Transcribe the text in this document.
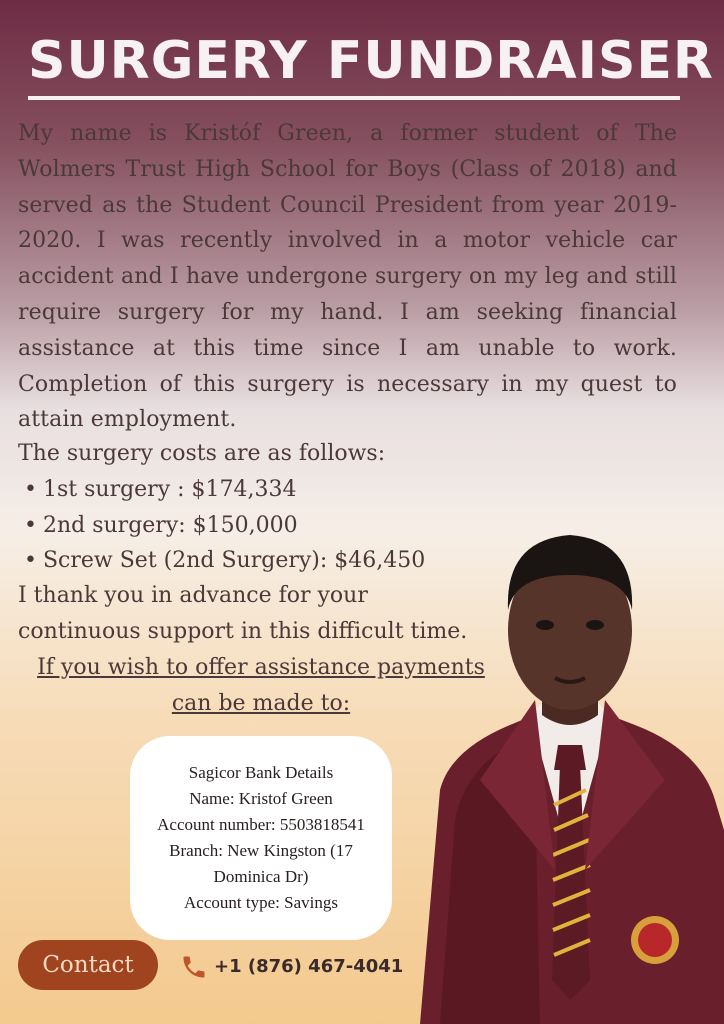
SURGERY FUNDRAISER

My name is Kristóf Green, a former student of The Wolmers Trust High School for Boys (Class of 2018) and served as the Student Council President from year 2019-2020. I was recently involved in a motor vehicle car accident and I have undergone surgery on my leg and still require surgery for my hand. I am seeking financial assistance at this time since I am unable to work. Completion of this surgery is necessary in my quest to attain employment.

The surgery costs are as follows:

• 1st surgery : $174,334
• 2nd surgery: $150,000
• Screw Set (2nd Surgery): $46,450

I thank you in advance for your
continuous support in this difficult time.

If you wish to offer assistance payments
can be made to:

Sagicor Bank Details
Name: Kristof Green
Account number: 5503818541
Branch: New Kingston (17
Dominica Dr)
Account type: Savings
Contact	+1 (876) 467-4041
